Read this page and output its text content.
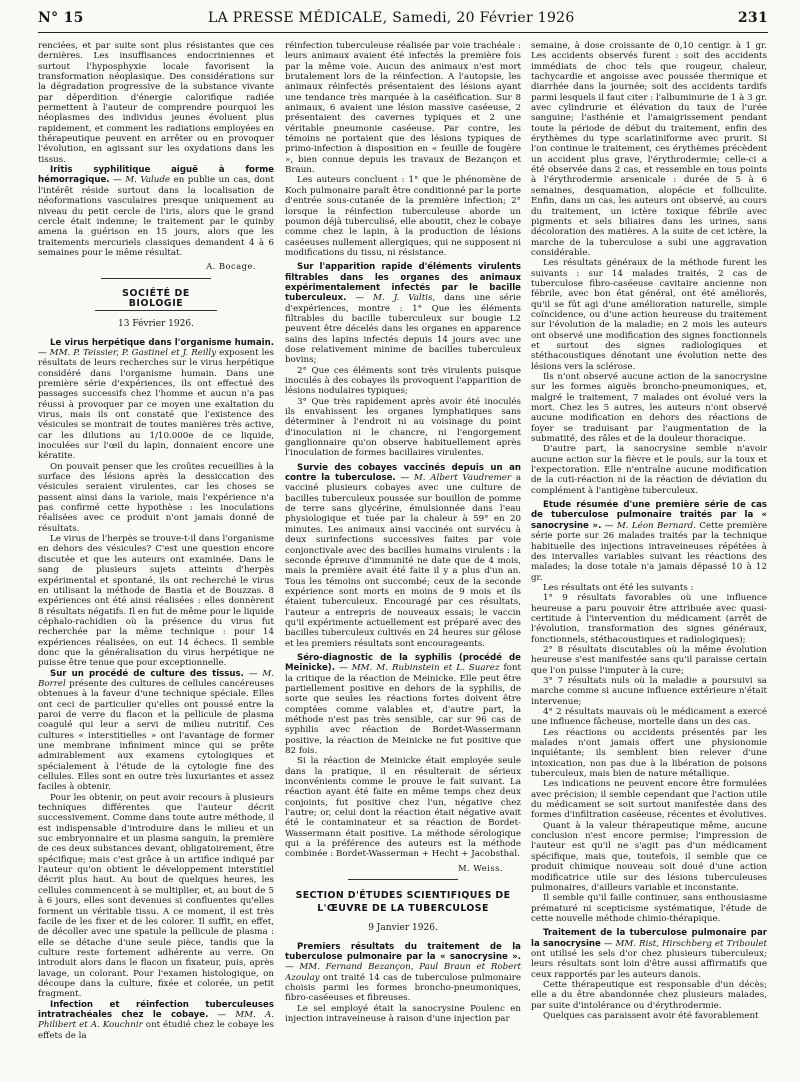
N° 15	LA PRESSE MÉDICALE, Samedi, 20 Février 1926	231

renciées, et par suite sont plus résistantes que ces dernières. Les insuffisances endocriniennes et surtout l'hyposphyxie locale favorisent la transformation néoplasique. Des considérations sur la dégradation progressive de la substance vivante par déperdition d'énergie calorifique radiée permettent à l'auteur de comprendre pourquoi les néoplasmes des individus jeunes évoluent plus rapidement, et comment les radiations employées en thérapeutique peuvent en arrêter ou en provoquer l'évolution, en agissant sur les oxydations dans les tissus.

Iritis syphilitique aiguë à forme hémorragique. — M. Valude en publie un cas, dont l'intérêt réside surtout dans la localisation de néoformations vasculaires presque uniquement au niveau du petit cercle de l'iris, alors que le grand cercle était indemne; le traitement par le quinby amena la guérison en 15 jours, alors que les traitements mercuriels classiques demandent 4 à 6 semaines pour le même résultat.

A. Bocage.
SOCIÉTÉ DE BIOLOGIE
13 Février 1926.

Le virus herpétique dans l'organisme humain. — MM. P. Teissier, P. Gastinel et J. Reilly exposent les résultats de leurs recherches sur le virus herpétique considéré dans l'organisme humain. Dans une première série d'expériences, ils ont effectué des passages successifs chez l'homme et aucun n'a pas réussi à provoquer par ce moyen une exaltation du virus, mais ils ont constaté que l'existence des vésicules se montrait de toutes manières très active, car les dilutions au 1/10.000e de ce liquide, inoculées sur l'œil du lapin, donnaient encore une kératite.

On pouvait penser que les croûtes recueillies à la surface des lésions après la dessiccation des vésicules seraient virulentes, car les choses se passent ainsi dans la variole, mais l'expérience n'a pas confirmé cette hypothèse : les inoculations réalisées avec ce produit n'ont jamais donné de résultats.

Le virus de l'herpès se trouve-t-il dans l'organisme en dehors des vésicules? C'est une question encore discutée et que les auteurs ont examinée. Dans le sang de plusieurs sujets atteints d'herpès expérimental et spontané, ils ont recherché le virus en utilisant la méthode de Bastia et de Bouzzas. 8 expériences ont été ainsi réalisées : elles donnèrent 8 résultats négatifs. Il en fut de même pour le liquide céphalo-rachidien où la présence du virus fut recherchée par la même technique : pour 14 expériences réalisées, on eut 14 échecs. Il semble donc que la généralisation du virus herpétique ne puisse être tenue que pour exceptionnelle.

Sur un procédé de culture des tissus. — M. Borrel présente des cultures de cellules cancéreuses obtenues à la faveur d'une technique spéciale. Elles ont ceci de particulier qu'elles ont poussé entre la paroi de verre du flacon et la pellicule de plasma coagulé qui leur a servi de milieu nutritif. Ces cultures « interstitielles » ont l'avantage de former une membrane infiniment mince qui se prête admirablement aux examens cytologiques et spécialement à l'étude de la cytologie fine des cellules. Elles sont en outre très luxuriantes et assez faciles à obtenir.

Pour les obtenir, on peut avoir recours à plusieurs techniques différentes que l'auteur décrit successivement. Comme dans toute autre méthode, il est indispensable d'introduire dans le milieu et un suc embryonnaire et un plasma sanguin, la première de ces deux substances devant, obligatoirement, être spécifique; mais c'est grâce à un artifice indiqué par l'auteur qu'on obtient le développement interstitiel décrit plus haut. Au bout de quelques heures, les cellules commencent à se multiplier, et, au bout de 5 à 6 jours, elles sont devenues si confluentes qu'elles forment un véritable tissu. A ce moment, il est très facile de les fixer et de les colorer. Il suffit, en effet, de décoller avec une spatule la pellicule de plasma : elle se détache d'une seule pièce, tandis que la culture reste fortement adhérente au verre. On introduit alors dans le flacon un fixateur, puis, après lavage, un colorant. Pour l'examen histologique, on découpe dans la culture, fixée et colorée, un petit fragment.

Infection et réinfection tuberculeuses intratrachéales chez le cobaye. — MM. A. Philibert et A. Kouchnir ont étudié chez le cobaye les effets de la

réinfection tuberculeuse réalisée par voie trachéale : leurs animaux avaient été infectés la première fois par la même voie. Aucun des animaux n'est mort brutalement lors de la réinfection. A l'autopsie, les animaux réinfectés présentaient des lésions ayant une tendance très marquée à la caséification. Sur 8 animaux, 6 avaient une lésion massive caséeuse, 2 présentaient des cavernes typiques et 2 une véritable pneumonie caséeuse. Par contre, les témoins ne portaient que des lésions typiques de primo-infection à disposition en « feuille de fougère », bien connue depuis les travaux de Bezançon et Braun.

Les auteurs concluent : 1° que le phénomène de Koch pulmonaire paraît être conditionné par la porte d'entrée sous-cutanée de la première infection; 2° lorsque la réinfection tuberculeuse aborde un poumon déjà tuberculisé, elle aboutit, chez le cobaye comme chez le lapin, à la production de lésions caséeuses nullement allergiques, qui ne supposent ni modifications du tissu, ni résistance.

Sur l'apparition rapide d'éléments virulents filtrables dans les organes des animaux expérimentalement infectés par le bacille tuberculeux. — M. J. Valtis, dans une série d'expériences, montre : 1° Que les éléments filtrables du bacille tuberculeux sur bougie L2 peuvent être décelés dans les organes en apparence sains des lapins infectés depuis 14 jours avec une dose relativement minime de bacilles tuberculeux bovins;

2° Que ces éléments sont très virulents puisque inoculés à des cobayes ils provoquent l'apparition de lésions nodulaires typiques;

3° Que très rapidement après avoir été inoculés ils envahissent les organes lymphatiques sans déterminer à l'endroit ni au voisinage du point d'inoculation ni le chancre, ni l'engorgement ganglionnaire qu'on observe habituellement après l'inoculation de formes bacillaires virulentes.

Survie des cobayes vaccinés depuis un an contre la tuberculose. — M. Albert Vaudremer a vacciné plusieurs cobayes avec une culture de bacilles tuberculeux poussée sur bouillon de pomme de terre sans glycérine, émulsionnée dans l'eau physiologique et tuée par la chaleur à 59° en 20 minutes. Les animaux ainsi vaccinés ont survécu à deux surinfections successives faites par voie conjonctivale avec des bacilles humains virulents : la seconde épreuve d'immunité ne date que de 4 mois, mais la première avait été faite il y a plus d'un an. Tous les témoins ont succombé; ceux de la seconde expérience sont morts en moins de 9 mois et ils étaient tuberculeux. Encouragé par ces résultats, l'auteur a entrepris de nouveaux essais; le vaccin qu'il expérimente actuellement est préparé avec des bacilles tuberculeux cultivés en 24 heures sur gélose et les premiers résultats sont encourageants.

Séro-diagnostic de la syphilis (procédé de Meinicke). — MM. M. Rubinstein et L. Suarez font la critique de la réaction de Meinicke. Elle peut être partiellement positive en dehors de la syphilis, de sorte que seules les réactions fortes doivent être comptées comme valables et, d'autre part, la méthode n'est pas très sensible, car sur 96 cas de syphilis avec réaction de Bordet-Wassermann positive, la réaction de Meinicke ne fut positive que 82 fois.

Si la réaction de Meinicke était employée seule dans la pratique, il en résulterait de sérieux inconvénients comme le prouve le fait suivant. La réaction ayant été faite en même temps chez deux conjoints, fut positive chez l'un, négative chez l'autre; or, celui dont la réaction était négative avait été le contaminateur et sa réaction de Bordet-Wassermann était positive. La méthode sérologique qui a la préférence des auteurs est la méthode combinée : Bordet-Wasserman + Hecht + Jacobsthal.

M. Weiss.
SECTION D'ÉTUDES SCIENTIFIQUES DE L'ŒUVRE DE LA TUBERCULOSE
9 Janvier 1926.

Premiers résultats du traitement de la tuberculose pulmonaire par la « sanocrysine ». — MM. Fernand Bezançon, Paul Braun et Robert Azoulay ont traité 14 cas de tuberculose pulmonaire choisis parmi les formes broncho-pneumoniques, fibro-caséeuses et fibreuses.

Le sel employé était la sanocrysine Poulenc en injection intraveineuse à raison d'une injection par

semaine, à dose croissante de 0,10 centigr. à 1 gr. Les accidents observés furent : soit des accidents immédiats de choc tels que rougeur, chaleur, tachycardie et angoisse avec poussée thermique et diarrhée dans la journée; soit des accidents tardifs parmi lesquels il faut citer : l'albuminurie de 1 à 3 gr. avec cylindrurie et élévation du taux de l'urée sanguine; l'asthénie et l'amaigrissement pendant toute la période de début du traitement, enfin des érythèmes du type scarlatiniforme avec prurit. Si l'on continue le traitement, ces érythèmes précèdent un accident plus grave, l'érythrodermie; celle-ci a été observée dans 2 cas, et ressemble en tous points à l'érythrodermie arsenicale : durée de 5 à 6 semaines, desquamation, alopécie et folliculite. Enfin, dans un cas, les auteurs ont observé, au cours du traitement, un ictère toxique fébrile avec pigments et sels biliaires dans les urines, sans décoloration des matières. A la suite de cet ictère, la marche de la tuberculose a subi une aggravation considérable.

Les résultats généraux de la méthode furent les suivants : sur 14 malades traités, 2 cas de tuberculose fibro-caséeuse cavitaire ancienne non fébrile, avec bon état général, ont été améliorés, qu'il se fût agi d'une amélioration naturelle, simple coïncidence, ou d'une action heureuse du traitement sur l'évolution de la maladie; en 2 mois les auteurs ont observé une modification des signes fonctionnels et surtout des signes radiologiques et stéthacoustiques dénotant une évolution nette des lésions vers la sclérose.

Ils n'ont observé aucune action de la sanocrysine sur les formes aiguës broncho-pneumoniques, et, malgré le traitement, 7 malades ont évolué vers la mort. Chez les 5 autres, les auteurs n'ont observé aucune modification en dehors des réactions de foyer se traduisant par l'augmentation de la submatité, des râles et de la douleur thoracique.

D'autre part, la sanocrysine semble n'avoir aucune action sur la fièvre et le pouls, sur la toux et l'expectoration. Elle n'entraîne aucune modification de la cuti-réaction ni de la réaction de déviation du complément à l'antigène tuberculeux.

Etude résumée d'une première série de cas de tuberculose pulmonaire traités par la « sanocrysine ». — M. Léon Bernard. Cette première série porte sur 26 malades traités par la technique habituelle des injections intraveineuses répétées à des intervalles variables suivant les réactions des malades; la dose totale n'a jamais dépassé 10 à 12 gr.

Les résultats ont été les suivants :

1° 9 résultats favorables où une influence heureuse a paru pouvoir être attribuée avec quasi-certitude à l'intervention du médicament (arrêt de l'évolution, transformation des signes généraux, fonctionnels, stéthacoustiques et radiologiques);

2° 8 résultats discutables où la même évolution heureuse s'est manifestée sans qu'il paraisse certain que l'on puisse l'imputer à la cure;

3° 7 résultats nuls où la maladie a poursuivi sa marche comme si aucune influence extérieure n'était intervenue;

4° 2 résultats mauvais où le médicament a exercé une influence fâcheuse, mortelle dans un des cas.

Les réactions ou accidents présentés par les malades n'ont jamais offert une physionomie inquiétante; ils semblent bien relever d'une intoxication, non pas due à la libération de poisons tuberculeux, mais bien de nature métallique.

Les indications ne peuvent encore être formulées avec précision; il semble cependant que l'action utile du médicament se soit surtout manifestée dans des formes d'infiltration caséeuse, récentes et évolutives.

Quant à la valeur thérapeutique même, aucune conclusion n'est encore permise; l'impression de l'auteur est qu'il ne s'agit pas d'un médicament spécifique, mais que, toutefois, il semble que ce produit chimique nouveau soit doué d'une action modificatrice utile sur des lésions tuberculeuses pulmonaires, d'ailleurs variable et inconstante.

Il semble qu'il faille continuer, sans enthousiasme prématuré ni scepticisme systématique, l'étude de cette nouvelle méthode chimio-thérapique.

Traitement de la tuberculose pulmonaire par la sanocrysine — MM. Rist, Hirschberg et Triboulet ont utilisé les sels d'or chez plusieurs tuberculeux; leurs résultats sont loin d'être aussi affirmatifs que ceux rapportés par les auteurs danois.

Cette thérapeutique est responsable d'un décès; elle a du être abandonnée chez plusieurs malades, par suite d'intolérance ou d'érythrodermie.

Quelques cas paraissent avoir été favorablement
